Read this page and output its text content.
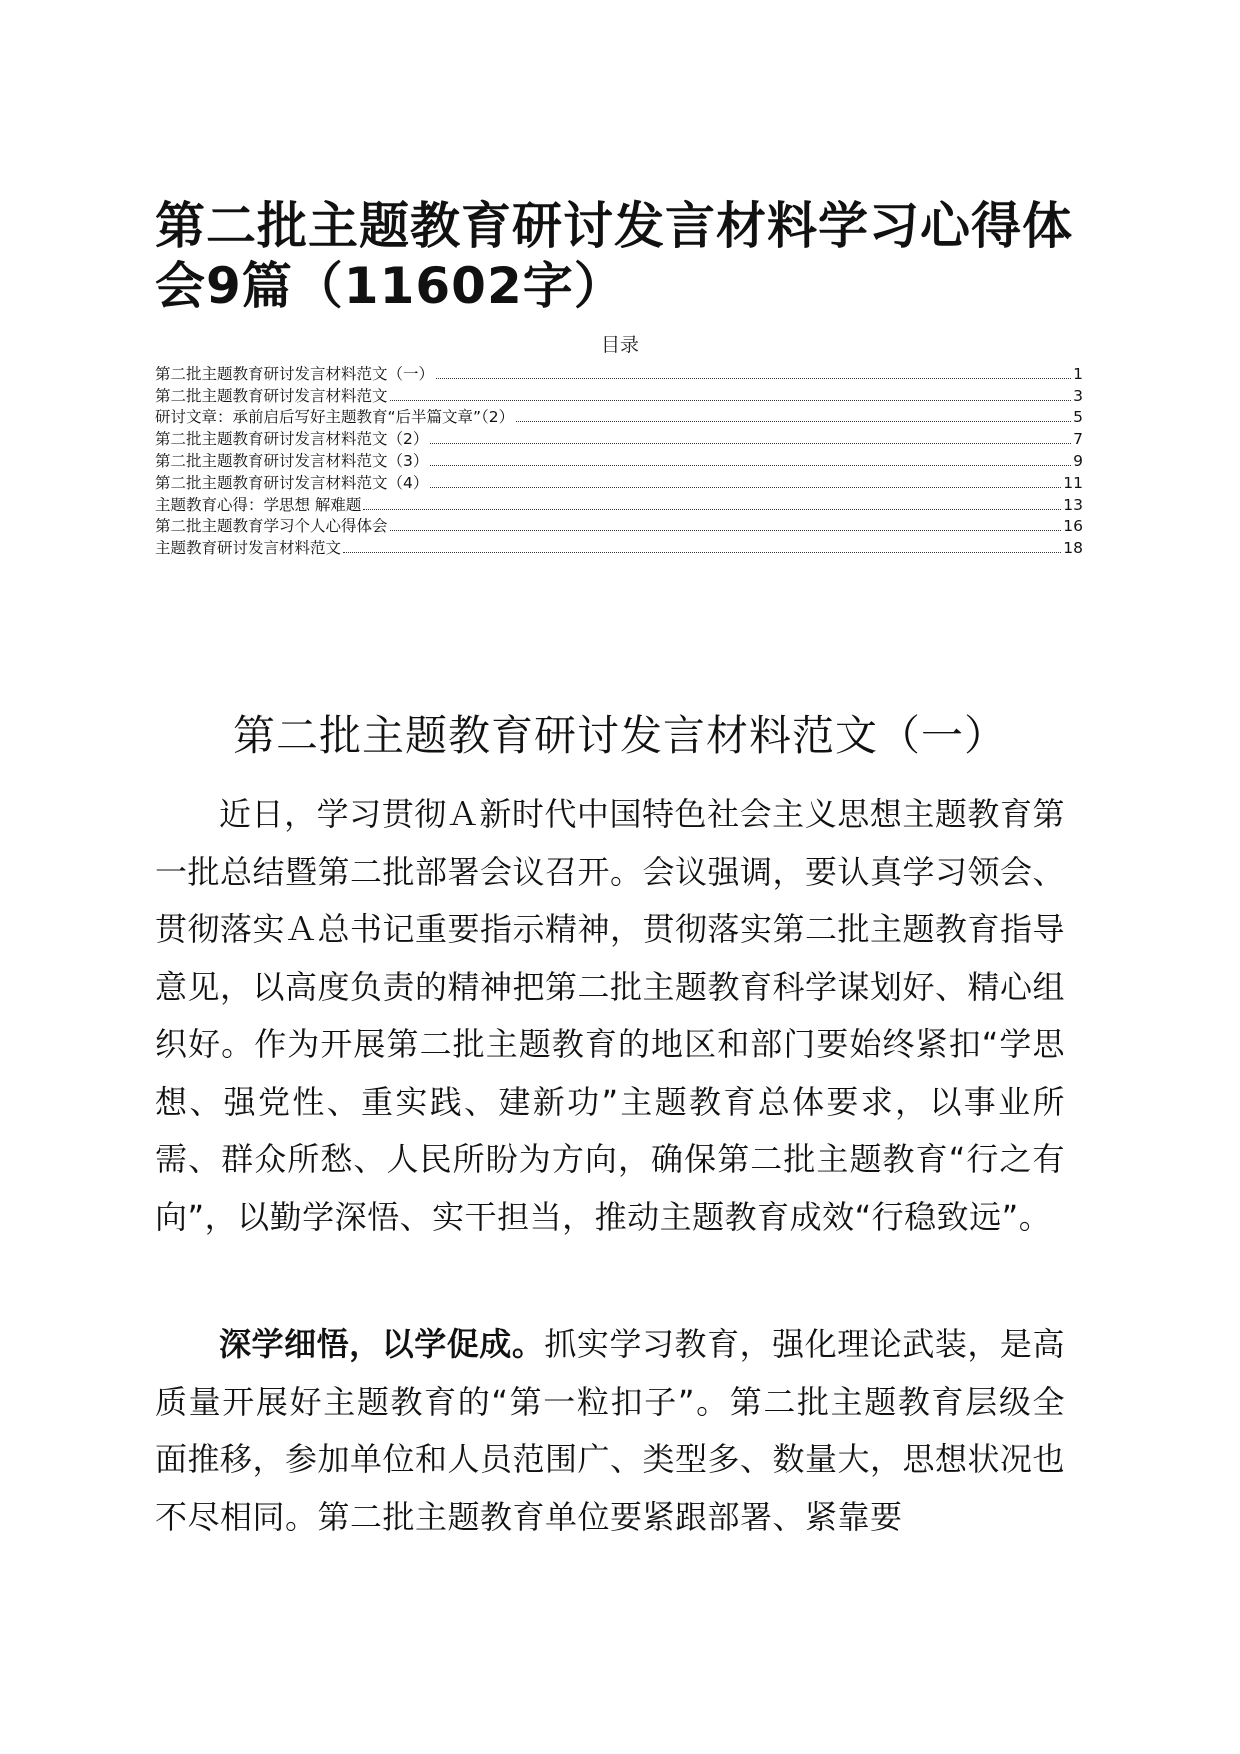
第二批主题教育研讨发言材料学习心得体会9篇（11602字）
目录
第二批主题教育研讨发言材料范文（一）	1
第二批主题教育研讨发言材料范文	3
研讨文章：承前启后写好主题教育“后半篇文章”（2）	5
第二批主题教育研讨发言材料范文（2）	7
第二批主题教育研讨发言材料范文（3）	9
第二批主题教育研讨发言材料范文（4）	11
主题教育心得：学思想 解难题	13
第二批主题教育学习个人心得体会	16
主题教育研讨发言材料范文	18
第二批主题教育研讨发言材料范文（一）

近日，学习贯彻Ａ新时代中国特色社会主义思想主题教育第一批总结暨第二批部署会议召开。会议强调，要认真学习领会、贯彻落实Ａ总书记重要指示精神，贯彻落实第二批主题教育指导意见，以高度负责的精神把第二批主题教育科学谋划好、精心组织好。作为开展第二批主题教育的地区和部门要始终紧扣“学思想、强党性、重实践、建新功”主题教育总体要求，以事业所需、群众所愁、人民所盼为方向，确保第二批主题教育“行之有向”，以勤学深悟、实干担当，推动主题教育成效“行稳致远”。

深学细悟，以学促成。抓实学习教育，强化理论武装，是高质量开展好主题教育的“第一粒扣子”。第二批主题教育层级全面推移，参加单位和人员范围广、类型多、数量大，思想状况也不尽相同。第二批主题教育单位要紧跟部署、紧靠要
